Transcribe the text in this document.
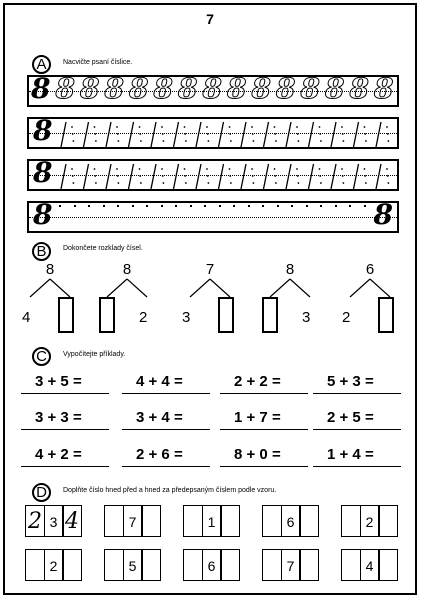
7
A	Nacvičte psaní číslice.
8 8 8 8 8 8 8 8 8 8 8 8 8 8 8
8
8
8	8
B	Dokončete rozklady čísel.
8
4
8
2
7
3
8
3
6
2
C	Vypočítejte příklady.
3 + 5 =	4 + 4 =	2 + 2 =	5 + 3 =
3 + 3 =	3 + 4 =	1 + 7 =	2 + 5 =
4 + 2 =	2 + 6 =	8 + 0 =	1 + 4 =
D	Doplňte číslo hned před a hned za předepsaným číslem podle vzoru.
2 3 4	7	1	6	2
2	5	6	7	4
